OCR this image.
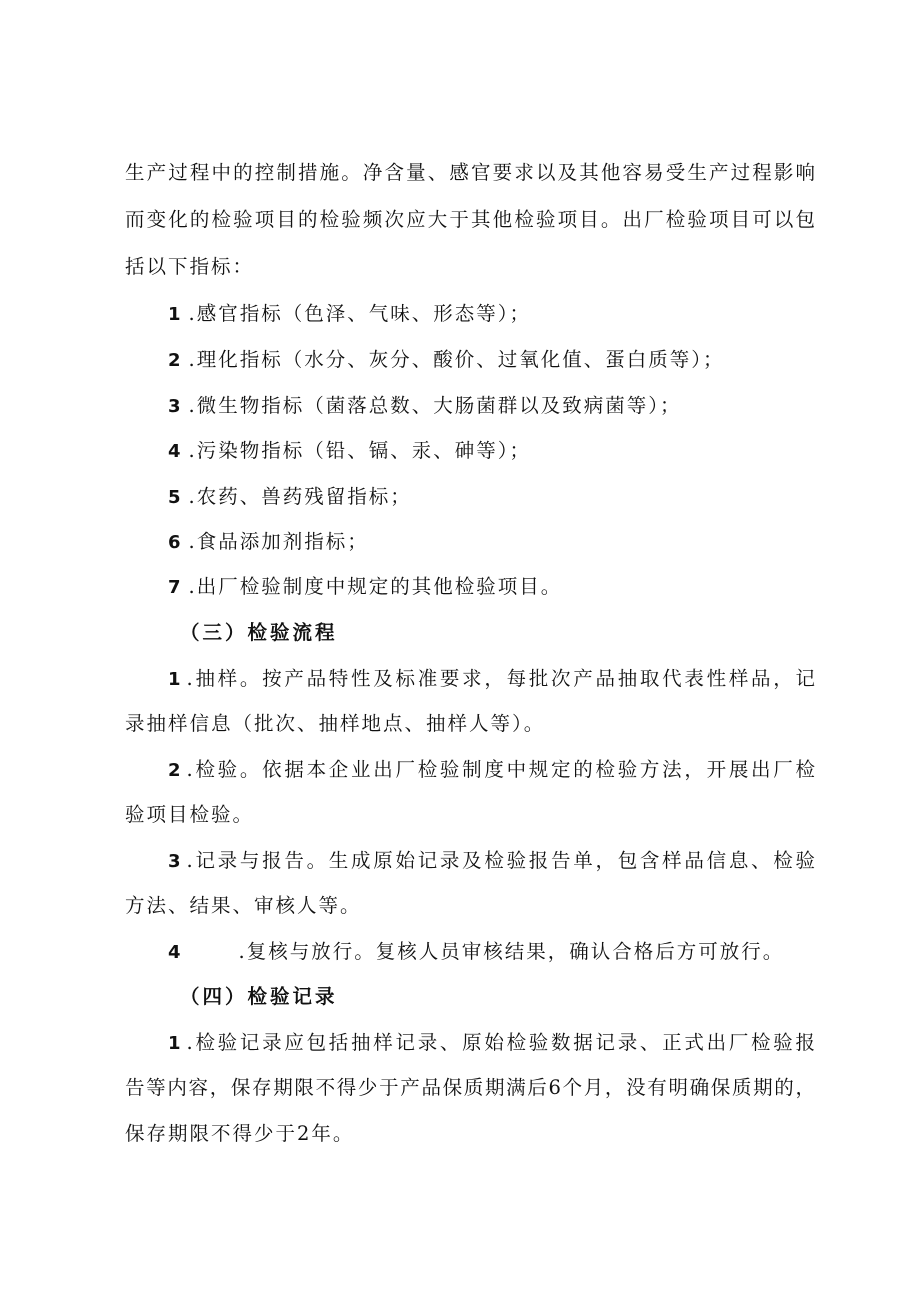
生产过程中的控制措施。净含量、感官要求以及其他容易受生产过程影响
而变化的检验项目的检验频次应大于其他检验项目。出厂检验项目可以包
括以下指标：
1 .感官指标（色泽、气味、形态等）；
2 .理化指标（水分、灰分、酸价、过氧化值、蛋白质等）；
3 .微生物指标（菌落总数、大肠菌群以及致病菌等）；
4 .污染物指标（铅、镉、汞、砷等）；
5 .农药、兽药残留指标；
6 .食品添加剂指标；
7 .出厂检验制度中规定的其他检验项目。
（三）检验流程
1 .抽样。按产品特性及标准要求，每批次产品抽取代表性样品，记
录抽样信息（批次、抽样地点、抽样人等）。
2 .检验。依据本企业出厂检验制度中规定的检验方法，开展出厂检
验项目检验。
3 .记录与报告。生成原始记录及检验报告单，包含样品信息、检验
方法、结果、审核人等。
4	.复核与放行。复核人员审核结果，确认合格后方可放行。
（四）检验记录
1 .检验记录应包括抽样记录、原始检验数据记录、正式出厂检验报
告等内容，保存期限不得少于产品保质期满后6个月，没有明确保质期的，
保存期限不得少于2年。
